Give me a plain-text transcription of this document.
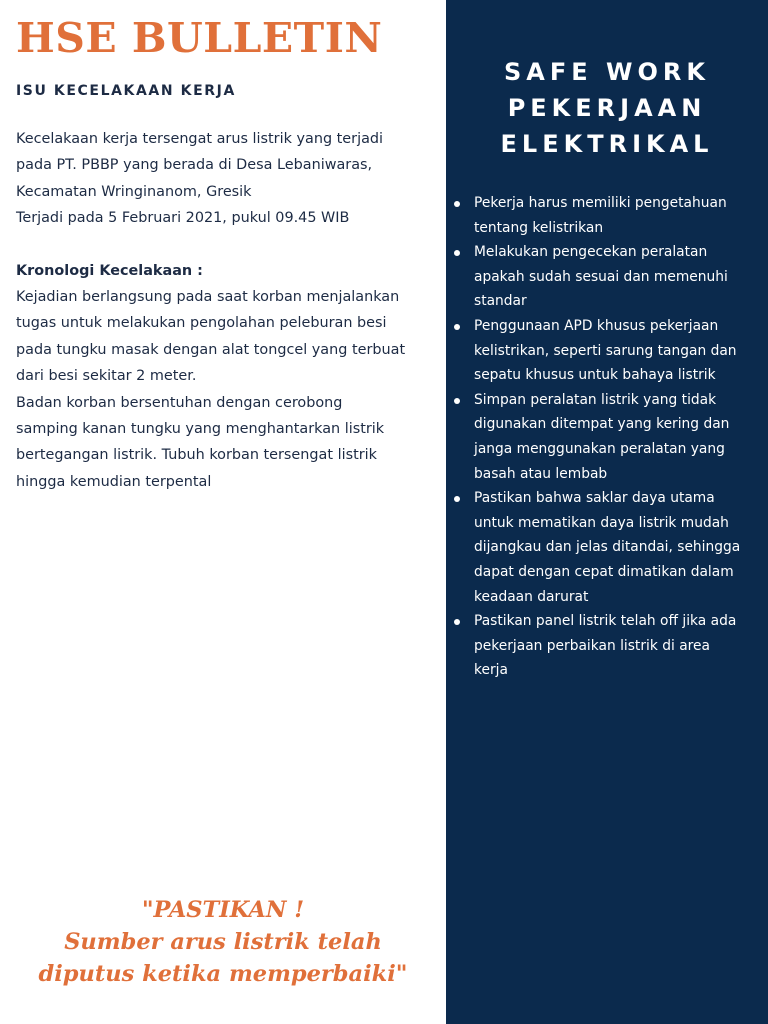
HSE BULLETIN
ISU KECELAKAAN KERJA

Kecelakaan kerja tersengat arus listrik yang terjadi

pada PT. PBBP yang berada di Desa Lebaniwaras,

Kecamatan Wringinanom, Gresik

Terjadi pada 5 Februari 2021, pukul 09.45 WIB

Kronologi Kecelakaan :

Kejadian berlangsung pada saat korban menjalankan

tugas untuk melakukan pengolahan peleburan besi

pada tungku masak dengan alat tongcel yang terbuat

dari besi sekitar 2 meter.

Badan korban bersentuhan dengan cerobong

samping kanan tungku yang menghantarkan listrik

bertegangan listrik. Tubuh korban tersengat listrik

hingga kemudian terpental

"PASTIKAN !
Sumber arus listrik telah
diputus ketika memperbaiki"
SAFE WORK
PEKERJAAN
ELEKTRIKAL
Pekerja harus memiliki pengetahuan
tentang kelistrikan
Melakukan pengecekan peralatan
apakah sudah sesuai dan memenuhi
standar
Penggunaan APD khusus pekerjaan
kelistrikan, seperti sarung tangan dan
sepatu khusus untuk bahaya listrik
Simpan peralatan listrik yang tidak
digunakan ditempat yang kering dan
janga menggunakan peralatan yang
basah atau lembab
Pastikan bahwa saklar daya utama
untuk mematikan daya listrik mudah
dijangkau dan jelas ditandai, sehingga
dapat dengan cepat dimatikan dalam
keadaan darurat
Pastikan panel listrik telah off jika ada
pekerjaan perbaikan listrik di area
kerja
